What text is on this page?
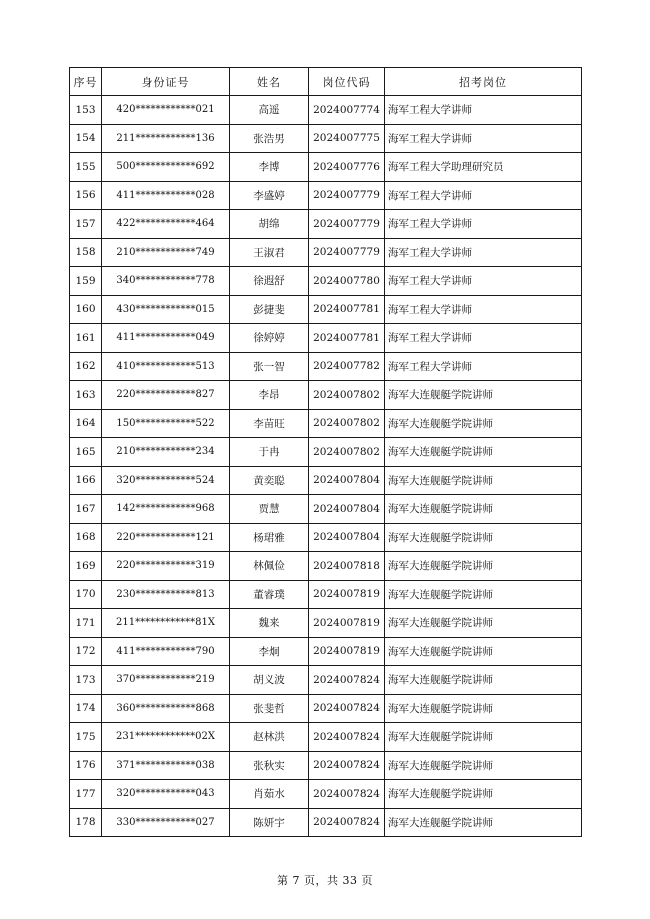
序号	身份证号	姓名	岗位代码	招考岗位
153	420************021	高遥	2024007774	海军工程大学讲师
154	211************136	张浩男	2024007775	海军工程大学讲师
155	500************692	李博	2024007776	海军工程大学助理研究员
156	411************028	李盛婷	2024007779	海军工程大学讲师
157	422************464	胡绵	2024007779	海军工程大学讲师
158	210************749	王淑君	2024007779	海军工程大学讲师
159	340************778	徐遐舒	2024007780	海军工程大学讲师
160	430************015	彭捷斐	2024007781	海军工程大学讲师
161	411************049	徐婷婷	2024007781	海军工程大学讲师
162	410************513	张一智	2024007782	海军工程大学讲师
163	220************827	李昂	2024007802	海军大连舰艇学院讲师
164	150************522	李苗旺	2024007802	海军大连舰艇学院讲师
165	210************234	于冉	2024007802	海军大连舰艇学院讲师
166	320************524	黄奕聪	2024007804	海军大连舰艇学院讲师
167	142************968	贾慧	2024007804	海军大连舰艇学院讲师
168	220************121	杨珺雅	2024007804	海军大连舰艇学院讲师
169	220************319	林佩俭	2024007818	海军大连舰艇学院讲师
170	230************813	董睿璞	2024007819	海军大连舰艇学院讲师
171	211************81X	魏来	2024007819	海军大连舰艇学院讲师
172	411************790	李炯	2024007819	海军大连舰艇学院讲师
173	370************219	胡义波	2024007824	海军大连舰艇学院讲师
174	360************868	张斐哲	2024007824	海军大连舰艇学院讲师
175	231************02X	赵林洪	2024007824	海军大连舰艇学院讲师
176	371************038	张秋实	2024007824	海军大连舰艇学院讲师
177	320************043	肖茹水	2024007824	海军大连舰艇学院讲师
178	330************027	陈妍宇	2024007824	海军大连舰艇学院讲师
第 7 页，共 33 页
